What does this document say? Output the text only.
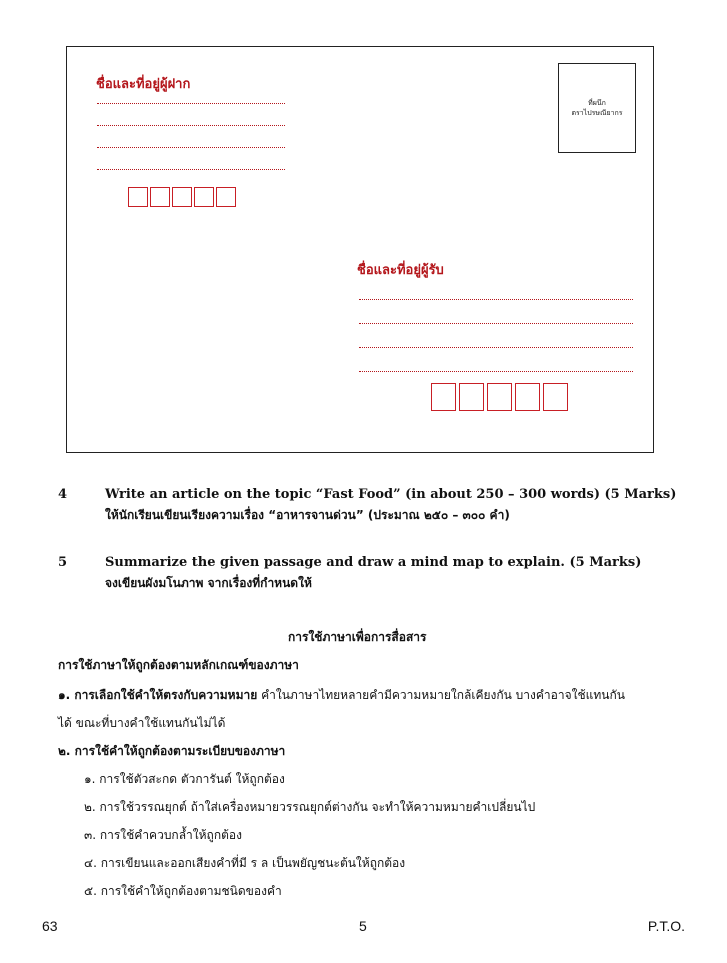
ชื่อและที่อยู่ผู้ฝาก
ที่ผนึก
ตราไปรษณียากร
ชื่อและที่อยู่ผู้รับ
4	Write an article on the topic “Fast Food” (in about 250 – 300 words) (5 Marks)
ให้นักเรียนเขียนเรียงความเรื่อง “อาหารจานด่วน” (ประมาณ ๒๕๐ – ๓๐๐ คำ)
5	Summarize the given passage and draw a mind map to explain. (5 Marks)
จงเขียนผังมโนภาพ จากเรื่องที่กำหนดให้
การใช้ภาษาเพื่อการสื่อสาร
การใช้ภาษาให้ถูกต้องตามหลักเกณฑ์ของภาษา
๑. การเลือกใช้คำให้ตรงกับความหมาย คำในภาษาไทยหลายคำมีความหมายใกล้เคียงกัน บางคำอาจใช้แทนกัน
ได้ ขณะที่บางคำใช้แทนกันไม่ได้
๒. การใช้คำให้ถูกต้องตามระเบียบของภาษา
๑. การใช้ตัวสะกด ตัวการันต์ ให้ถูกต้อง
๒. การใช้วรรณยุกต์ ถ้าใส่เครื่องหมายวรรณยุกต์ต่างกัน จะทำให้ความหมายคำเปลี่ยนไป
๓. การใช้คำควบกล้ำให้ถูกต้อง
๔. การเขียนและออกเสียงคำที่มี ร ล เป็นพยัญชนะต้นให้ถูกต้อง
๕. การใช้คำให้ถูกต้องตามชนิดของคำ
63	5	P.T.O.
